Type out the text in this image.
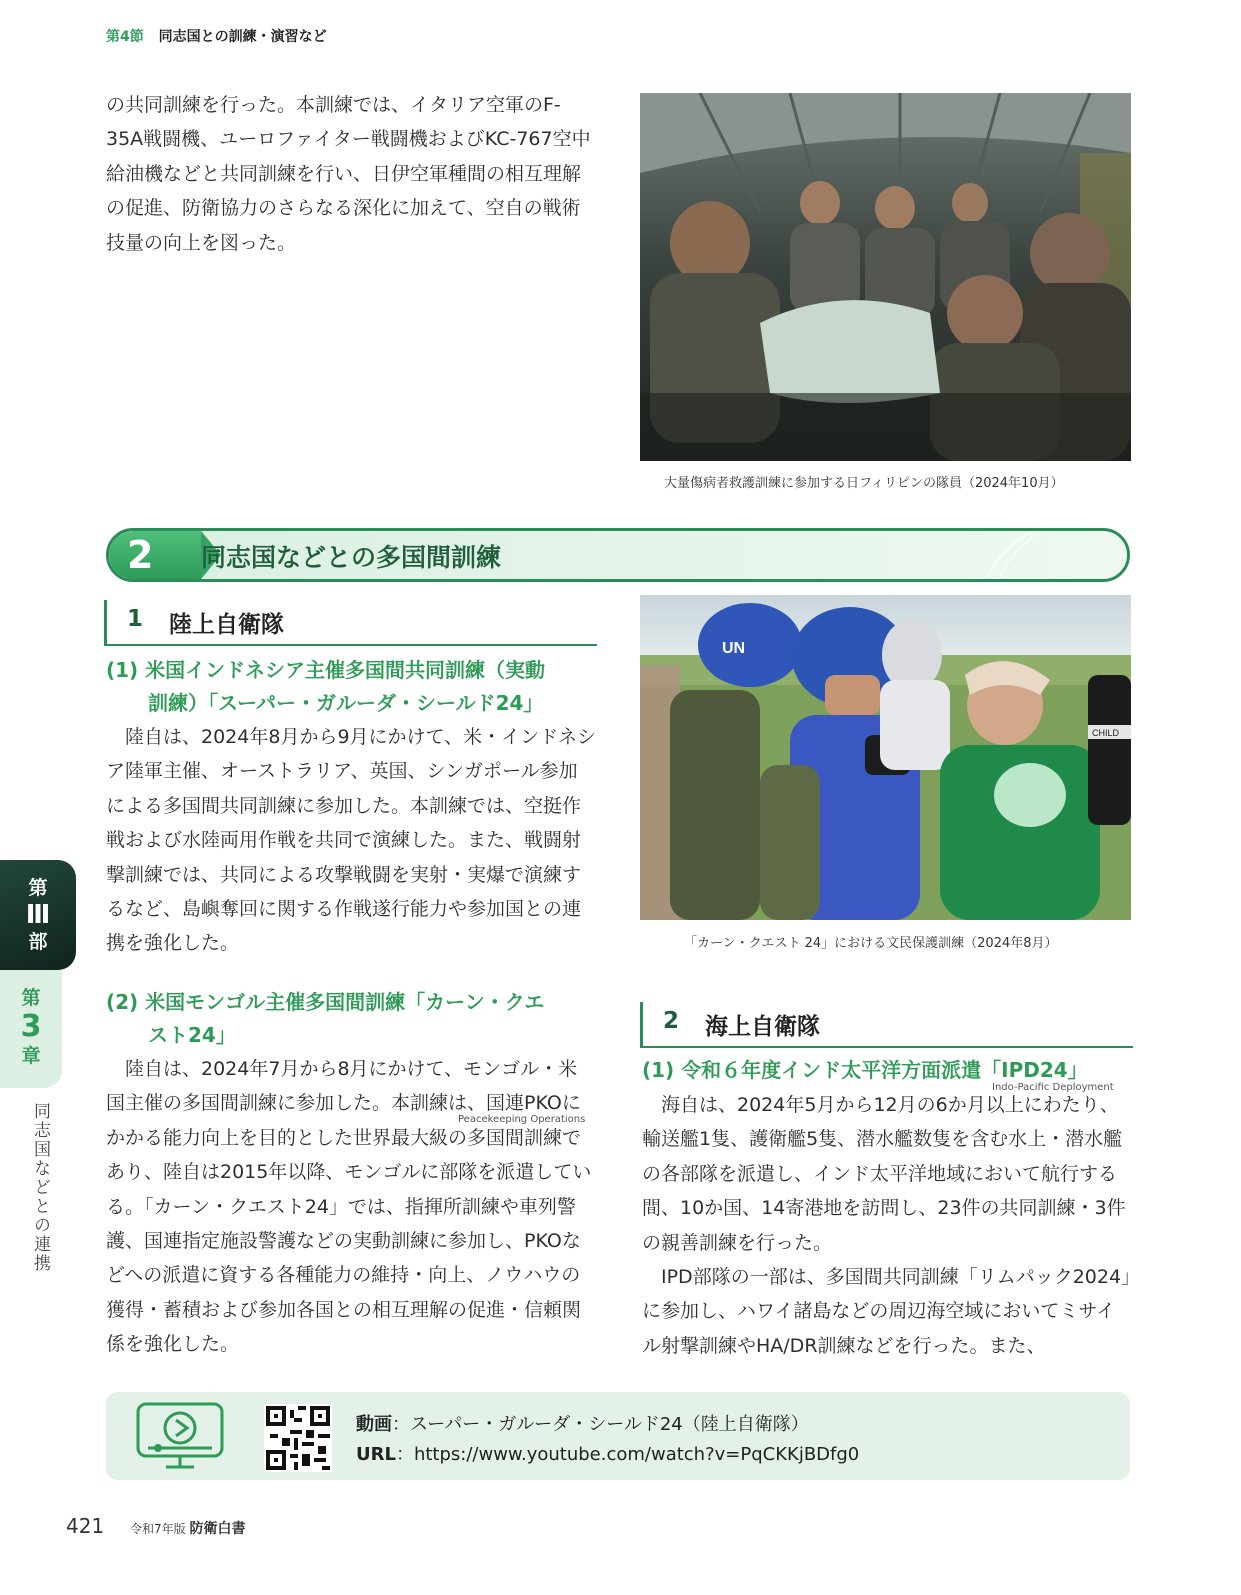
第4節 同志国との訓練・演習など

の共同訓練を行った。本訓練では、イタリア空軍のF-35A戦闘機、ユーロファイター戦闘機およびKC-767空中給油機などと共同訓練を行い、日伊空軍種間の相互理解の促進、防衛協力のさらなる深化に加えて、空自の戦術技量の向上を図った。

大量傷病者救護訓練に参加する日フィリピンの隊員（2024年10月）
2	同志国などとの多国間訓練
1 陸上自衛隊
(1) 米国インドネシア主催多国間共同訓練（実動
訓練）「スーパー・ガルーダ・シールド24」

陸自は、2024年8月から9月にかけて、米・インドネシア陸軍主催、オーストラリア、英国、シンガポール参加による多国間共同訓練に参加した。本訓練では、空挺作戦および水陸両用作戦を共同で演練した。また、戦闘射撃訓練では、共同による攻撃戦闘を実射・実爆で演練するなど、島嶼奪回に関する作戦遂行能力や参加国との連携を強化した。

(2) 米国モンゴル主催多国間訓練「カーン・クエ
スト24」
Peacekeeping Operations

陸自は、2024年7月から8月にかけて、モンゴル・米国主催の多国間訓練に参加した。本訓練は、国連PKOにかかる能力向上を目的とした世界最大級の多国間訓練であり、陸自は2015年以降、モンゴルに部隊を派遣している。「カーン・クエスト24」では、指揮所訓練や車列警護、国連指定施設警護などの実動訓練に参加し、PKOなどへの派遣に資する各種能力の維持・向上、ノウハウの獲得・蓄積および参加各国との相互理解の促進・信頼関係を強化した。

UN
CHILD
「カーン・クエスト 24」における文民保護訓練（2024年8月）
2 海上自衛隊
(1) 令和６年度インド太平洋方面派遣「IPD24」
Indo-Pacific Deployment

海自は、2024年5月から12月の6か月以上にわたり、輸送艦1隻、護衛艦5隻、潜水艦数隻を含む水上・潜水艦の各部隊を派遣し、インド太平洋地域において航行する間、10か国、14寄港地を訪問し、23件の共同訓練・3件の親善訓練を行った。

IPD部隊の一部は、多国間共同訓練「リムパック2024」に参加し、ハワイ諸島などの周辺海空域においてミサイル射撃訓練やHA/DR訓練などを行った。また、

第
Ⅲ
部
第
3
章
同志国などとの連携
動画：スーパー・ガルーダ・シールド24（陸上自衛隊）
URL：https://www.youtube.com/watch?v=PqCKKjBDfg0
421 令和7年版 防衛白書
